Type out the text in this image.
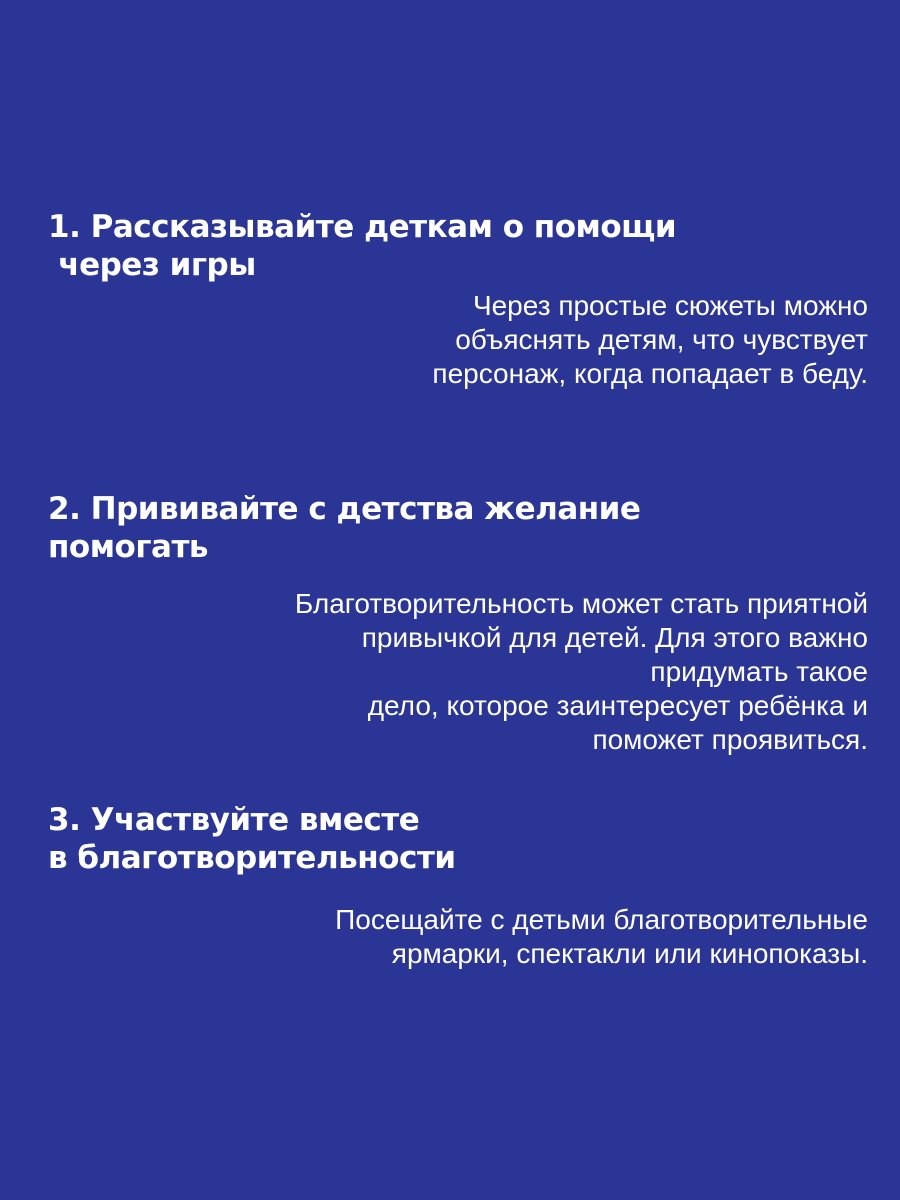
1. Рассказывайте деткам о помощи
через игры

Через простые сюжеты можно
объяснять детям, что чувствует
персонаж, когда попадает в беду.

2. Прививайте с детства желание
помогать

Благотворительность может стать приятной
привычкой для детей. Для этого важно
придумать такое
дело, которое заинтересует ребёнка и
поможет проявиться.

3. Участвуйте вместе
в благотворительности

Посещайте с детьми благотворительные
ярмарки, спектакли или кинопоказы.
